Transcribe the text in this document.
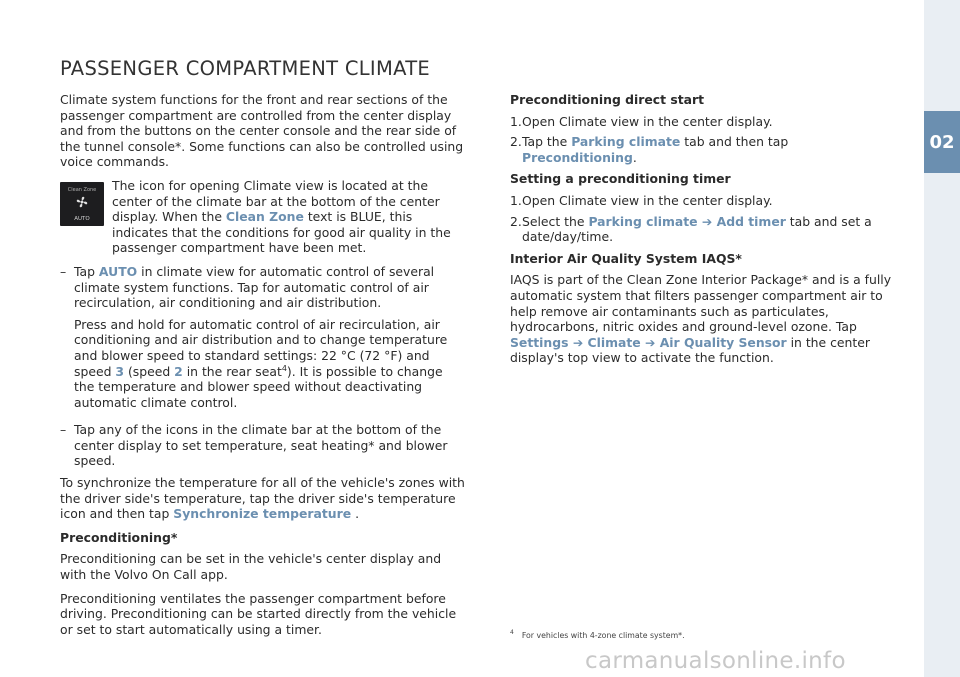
02
PASSENGER COMPARTMENT CLIMATE

Climate system functions for the front and rear sections of the passenger compartment are controlled from the center display and from the buttons on the center console and the rear side of the tunnel console*. Some functions can also be controlled using voice commands.

Clean Zone
AUTO
The icon for opening Climate view is located at the center of the climate bar at the bottom of the center display. When the Clean Zone text is BLUE, this indicates that the conditions for good air quality in the passenger compartment have been met.
– Tap AUTO in climate view for automatic control of several climate system functions. Tap for automatic control of air recirculation, air conditioning and air distribution.

Press and hold for automatic control of air recirculation, air conditioning and air distribution and to change temperature and blower speed to standard settings: 22 °C (72 °F) and speed 3 (speed 2 in the rear seat$^4$). It is possible to change the temperature and blower speed without deactivating automatic climate control.

– Tap any of the icons in the climate bar at the bottom of the center display to set temperature, seat heating* and blower speed.

To synchronize the temperature for all of the vehicle's zones with the driver side's temperature, tap the driver side's temperature icon and then tap Synchronize temperature .

Preconditioning*

Preconditioning can be set in the vehicle's center display and with the Volvo On Call app.

Preconditioning ventilates the passenger compartment before driving. Preconditioning can be started directly from the vehicle or set to start automatically using a timer.

Preconditioning direct start

1. Open Climate view in the center display.
2. Tap the Parking climate tab and then tap Preconditioning.

Setting a preconditioning timer

1. Open Climate view in the center display.
2. Select the Parking climate ➔ Add timer tab and set a date/day/time.

Interior Air Quality System IAQS*

IAQS is part of the Clean Zone Interior Package* and is a fully automatic system that filters passenger compartment air to help remove air contaminants such as particulates, hydrocarbons, nitric oxides and ground-level ozone. Tap Settings ➔ Climate ➔ Air Quality Sensor in the center display's top view to activate the function.

$^4$ For vehicles with 4-zone climate system*.
carmanualsonline.info
